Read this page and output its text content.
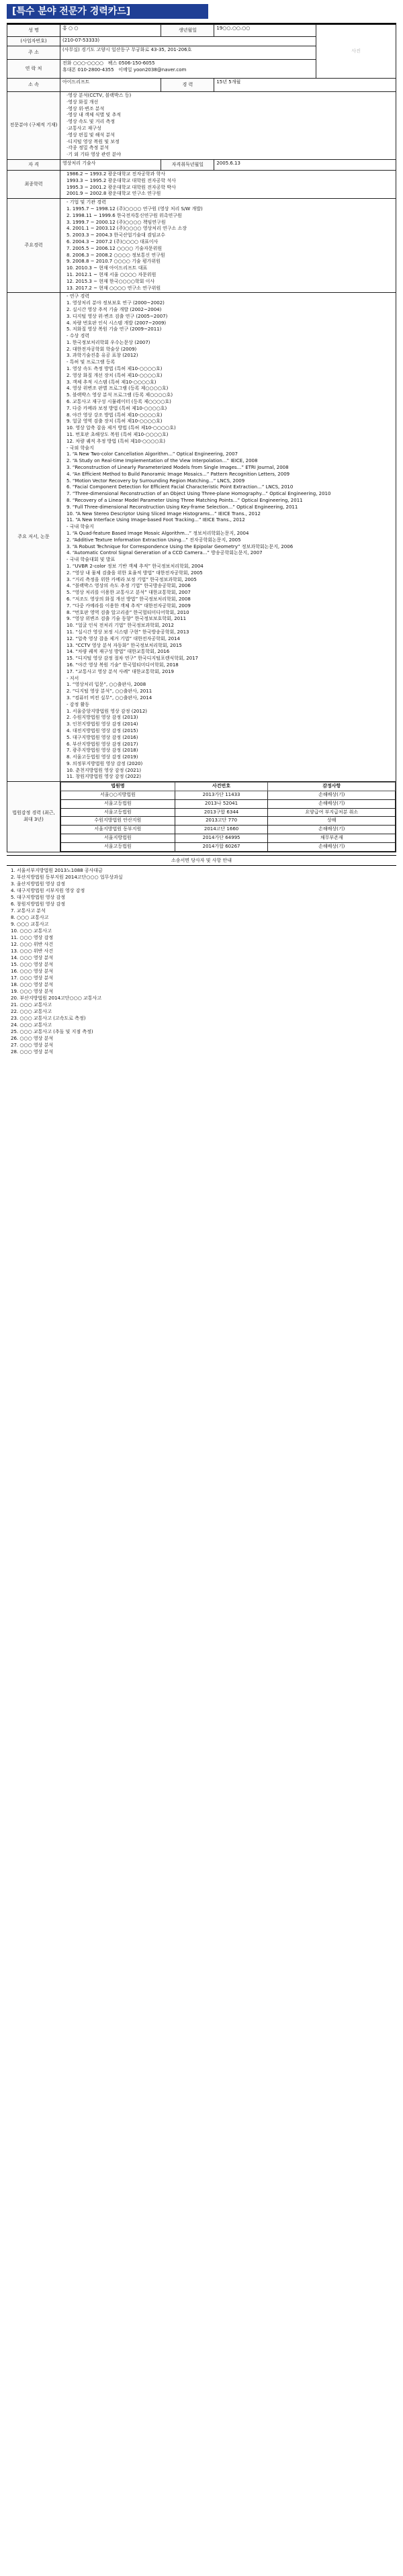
[특수 분야 전문가 경력카드]
성 명	홍 ○ ○	생년월일	19○○.○○.○○	사진
(사업자번호)	(210-07-53333)
주 소	(사무실) 경기도 고양시 일산동구 무궁화로 43-35, 201-206호
연 락 처	
전화 ○○○-○○○○ 팩스 0506-150-6055
휴대폰 010-2800-4355 이메일 yoon2038@naver.com

소 속	아이드리프트	경 력	15년 5개월
전문분야 (구체적 기재)	
·영상 분석(CCTV, 블랙박스 등)
·영상 화질 개선
·영상 위·변조 분석
·영상 내 객체 식별 및 추적
·영상 속도 및 거리 측정
·교통사고 재구성
·영상 편집 및 해석 분석
·디지털 영상 복원 및 보정
·각종 정밀 측정 분석
·기 외 기타 영상 관련 분야

자 격	영상처리 기술사	자격취득년월일	2005.6.13
최종학력	
1986.2 ~ 1993.2 광운대학교 전자공학과 학사
1993.3 ~ 1995.2 광운대학교 대학원 전자공학 석사
1995.3 ~ 2001.2 광운대학교 대학원 전자공학 박사
2001.9 ~ 2002.8 광운대학교 연구소 연구원

주요경력	
- 기업 및 기관 경력
1. 1995.7 ~ 1998.12 (주)○○○○ 연구원 (영상 처리 S/W 개발)
2. 1998.11 ~ 1999.6 한국전자통신연구원 위촉연구원
3. 1999.7 ~ 2000.12 (주)○○○○ 책임연구원
4. 2001.1 ~ 2003.12 (주)○○○○ 영상처리 연구소 소장
5. 2003.3 ~ 2004.3 한국산업기술대 겸임교수
6. 2004.3 ~ 2007.2 (주)○○○○ 대표이사
7. 2005.5 ~ 2006.12 ○○○○ 기술자문위원
8. 2006.3 ~ 2008.2 ○○○○ 정보통신 연구원
9. 2008.8 ~ 2010.7 ○○○○ 기술 평가위원
10. 2010.3 ~ 현재 아이드리프트 대표
11. 2012.1 ~ 현재 서울 ○○○○ 자문위원
12. 2015.3 ~ 현재 한국○○○○학회 이사
13. 2017.2 ~ 현재 ○○○○ 연구소 연구위원

주요 저서, 논문	
- 연구 경력
1. 영상처리 분야 정보보호 연구 (2000~2002)
2. 실시간 영상 추적 기술 개발 (2002~2004)
3. 디지털 영상 위·변조 검출 연구 (2005~2007)
4. 차량 번호판 인식 시스템 개발 (2007~2009)
5. 저화질 영상 복원 기술 연구 (2009~2011)
- 수상 경력
1. 한국정보처리학회 우수논문상 (2007)
2. 대한전자공학회 학술상 (2009)
3. 과학기술진흥 유공 표창 (2012)
- 특허 및 프로그램 등록
1. 영상 속도 측정 방법 (특허 제10-○○○○호)
2. 영상 화질 개선 장치 (특허 제10-○○○○호)
3. 객체 추적 시스템 (특허 제10-○○○○호)
4. 영상 위변조 판별 프로그램 (등록 제○○○○호)
5. 블랙박스 영상 분석 프로그램 (등록 제○○○○호)
6. 교통사고 재구성 시뮬레이터 (등록 제○○○○호)
7. 다중 카메라 보정 방법 (특허 제10-○○○○호)
8. 야간 영상 강조 방법 (특허 제10-○○○○호)
9. 얼굴 영역 검출 장치 (특허 제10-○○○○호)
10. 영상 압축 잡음 제거 방법 (특허 제10-○○○○호)
11. 번호판 초해상도 복원 (특허 제10-○○○○호)
12. 차량 궤적 추정 방법 (특허 제10-○○○○호)
- 국외 학술지
1. “A New Two-color Cancellation Algorithm...” Optical Engineering, 2007
2. “A Study on Real-time Implementation of the View Interpolation...” IEICE, 2008
3. “Reconstruction of Linearly Parameterized Models from Single Images...” ETRI Journal, 2008
4. “An Efficient Method to Build Panoramic Image Mosaics...” Pattern Recognition Letters, 2009
5. “Motion Vector Recovery by Surrounding Region Matching...” LNCS, 2009
6. “Facial Component Detection for Efficient Facial Characteristic Point Extraction...” LNCS, 2010
7. “Three-dimensional Reconstruction of an Object Using Three-plane Homography...” Optical Engineering, 2010
8. “Recovery of a Linear Model Parameter Using Three Matching Points...” Optical Engineering, 2011
9. “Full Three-dimensional Reconstruction Using Key-frame Selection...” Optical Engineering, 2011
10. “A New Stereo Descriptor Using Sliced Image Histograms...” IEICE Trans., 2012
11. “A New Interface Using Image-based Foot Tracking...” IEICE Trans., 2012
- 국내 학술지
1. “A Quad-feature Based Image Mosaic Algorithm...” 정보처리학회논문지, 2004
2. “Additive Texture Information Extraction Using...” 전자공학회논문지, 2005
3. “A Robust Technique for Correspondence Using the Epipolar Geometry” 정보과학회논문지, 2006
4. “Automatic Control Signal Generation of a CCD Camera...” 방송공학회논문지, 2007
- 국내 학술대회 및 발표
1. “UVBR 2-color 정보 기반 객체 추적” 한국정보처리학회, 2004
2. “영상 내 물체 검출을 위한 효율적 방법” 대한전자공학회, 2005
3. “거리 측정을 위한 카메라 보정 기법” 한국정보과학회, 2005
4. “블랙박스 영상의 속도 추정 기법” 한국방송공학회, 2006
5. “영상 처리를 이용한 교통사고 분석” 대한교통학회, 2007
6. “저조도 영상의 화질 개선 방법” 한국정보처리학회, 2008
7. “다중 카메라를 이용한 객체 추적” 대한전자공학회, 2009
8. “번호판 영역 검출 알고리즘” 한국멀티미디어학회, 2010
9. “영상 위변조 검출 기술 동향” 한국정보보호학회, 2011
10. “얼굴 인식 전처리 기법” 한국정보과학회, 2012
11. “실시간 영상 보정 시스템 구현” 한국방송공학회, 2013
12. “압축 영상 잡음 제거 기법” 대한전자공학회, 2014
13. “CCTV 영상 분석 자동화” 한국정보처리학회, 2015
14. “차량 궤적 재구성 방법” 대한교통학회, 2016
15. “디지털 영상 감정 절차 연구” 한국디지털포렌식학회, 2017
16. “야간 영상 복원 기술” 한국멀티미디어학회, 2018
17. “교통사고 영상 분석 사례” 대한교통학회, 2019
- 저서
1. “영상처리 입문”, ○○출판사, 2008
2. “디지털 영상 분석”, ○○출판사, 2011
3. “컴퓨터 비전 실무”, ○○출판사, 2014
- 감정 활동
1. 서울중앙지방법원 영상 감정 (2012)
2. 수원지방법원 영상 감정 (2013)
3. 인천지방법원 영상 감정 (2014)
4. 대전지방법원 영상 감정 (2015)
5. 대구지방법원 영상 감정 (2016)
6. 부산지방법원 영상 감정 (2017)
7. 광주지방법원 영상 감정 (2018)
8. 서울고등법원 영상 감정 (2019)
9. 의정부지방법원 영상 감정 (2020)
10. 춘천지방법원 영상 감정 (2021)
11. 창원지방법원 영상 감정 (2022)

법원감정 경력 (최근, 최대 3년)	
법원명	사건번호	감정사항
서울○○지방법원	2013가단 11433	손해배상(기)
서울고등법원	2013나 52041	손해배상(기)
서울고등법원	2013구합 6344	요양급여 부지급처분 취소
수원지방법원 안산지원	2013고단 770	상해
서울지방법원 동부지원	2014고단 1660	손해배상(기)
서울지방법원	2014가단 64995	채무부존재
서울고등법원	2014가합 60267	손해배상(기)
소송서면 당사자 및 사항 안내
1. 서울서부지방법원 2013노1088 공사대금
2. 부산지방법원 동부지원 2014고단○○○ 업무상과실
3. 울산지방법원 영상 감정
4. 대구지방법원 서부지원 영상 감정
5. 대구지방법원 영상 감정
6. 창원지방법원 영상 감정
7. 교통사고 분석
8. ○○○ 교통사고
9. ○○○ 교통사고
10. ○○○ 교통사고
11. ○○○ 영상 감정
12. ○○○ 위반 사건
13. ○○○ 위반 사건
14. ○○○ 영상 분석
15. ○○○ 영상 분석
16. ○○○ 영상 분석
17. ○○○ 영상 분석
18. ○○○ 영상 분석
19. ○○○ 영상 분석
20. 부산지방법원 2014고단○○○ 교통사고
21. ○○○ 교통사고
22. ○○○ 교통사고
23. ○○○ 교통사고 (고속도로 측정)
24. ○○○ 교통사고
25. ○○○ 교통사고 (추돌 및 지점 측정)
26. ○○○ 영상 분석
27. ○○○ 영상 분석
28. ○○○ 영상 분석
